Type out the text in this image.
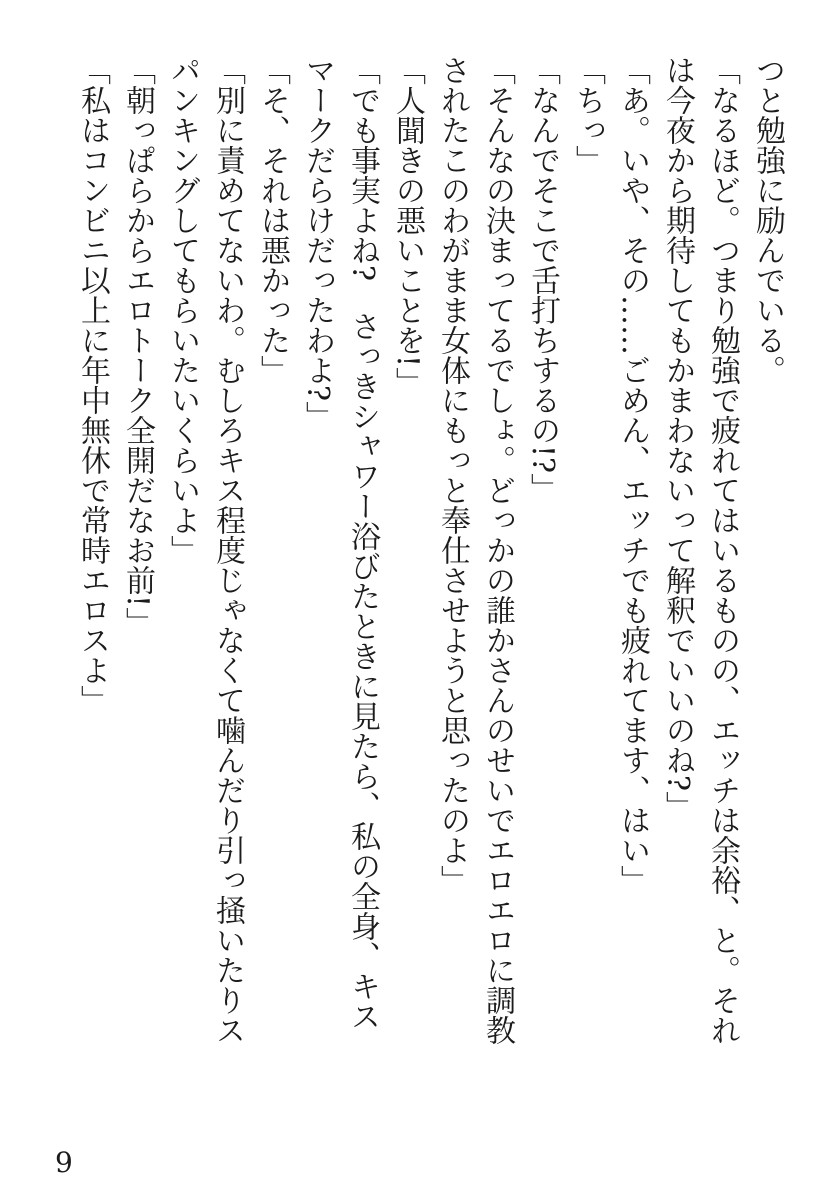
つと勉強に励んでいる。

「なるほど。つまり勉強で疲れてはいるものの、エッチは余裕、と。それは今夜から期待してもかまわないって解釈でいいのね?」

「あ。いや、その……ごめん、エッチでも疲れてます、はい」

「ちっ」

「なんでそこで舌打ちするの!?」

「そんなの決まってるでしょ。どっかの誰かさんのせいでエロエロに調教されたこのわがまま女体にもっと奉仕させようと思ったのよ」

「人聞きの悪いことを!」

「でも事実よね?　さっきシャワー浴びたときに見たら、私の全身、キスマークだらけだったわよ?」

「そ、それは悪かった」

「別に責めてないわ。むしろキス程度じゃなくて噛んだり引っ掻いたりスパンキングしてもらいたいくらいよ」

「朝っぱらからエロトーク全開だなお前!」

「私はコンビニ以上に年中無休で常時エロスよ」

9
